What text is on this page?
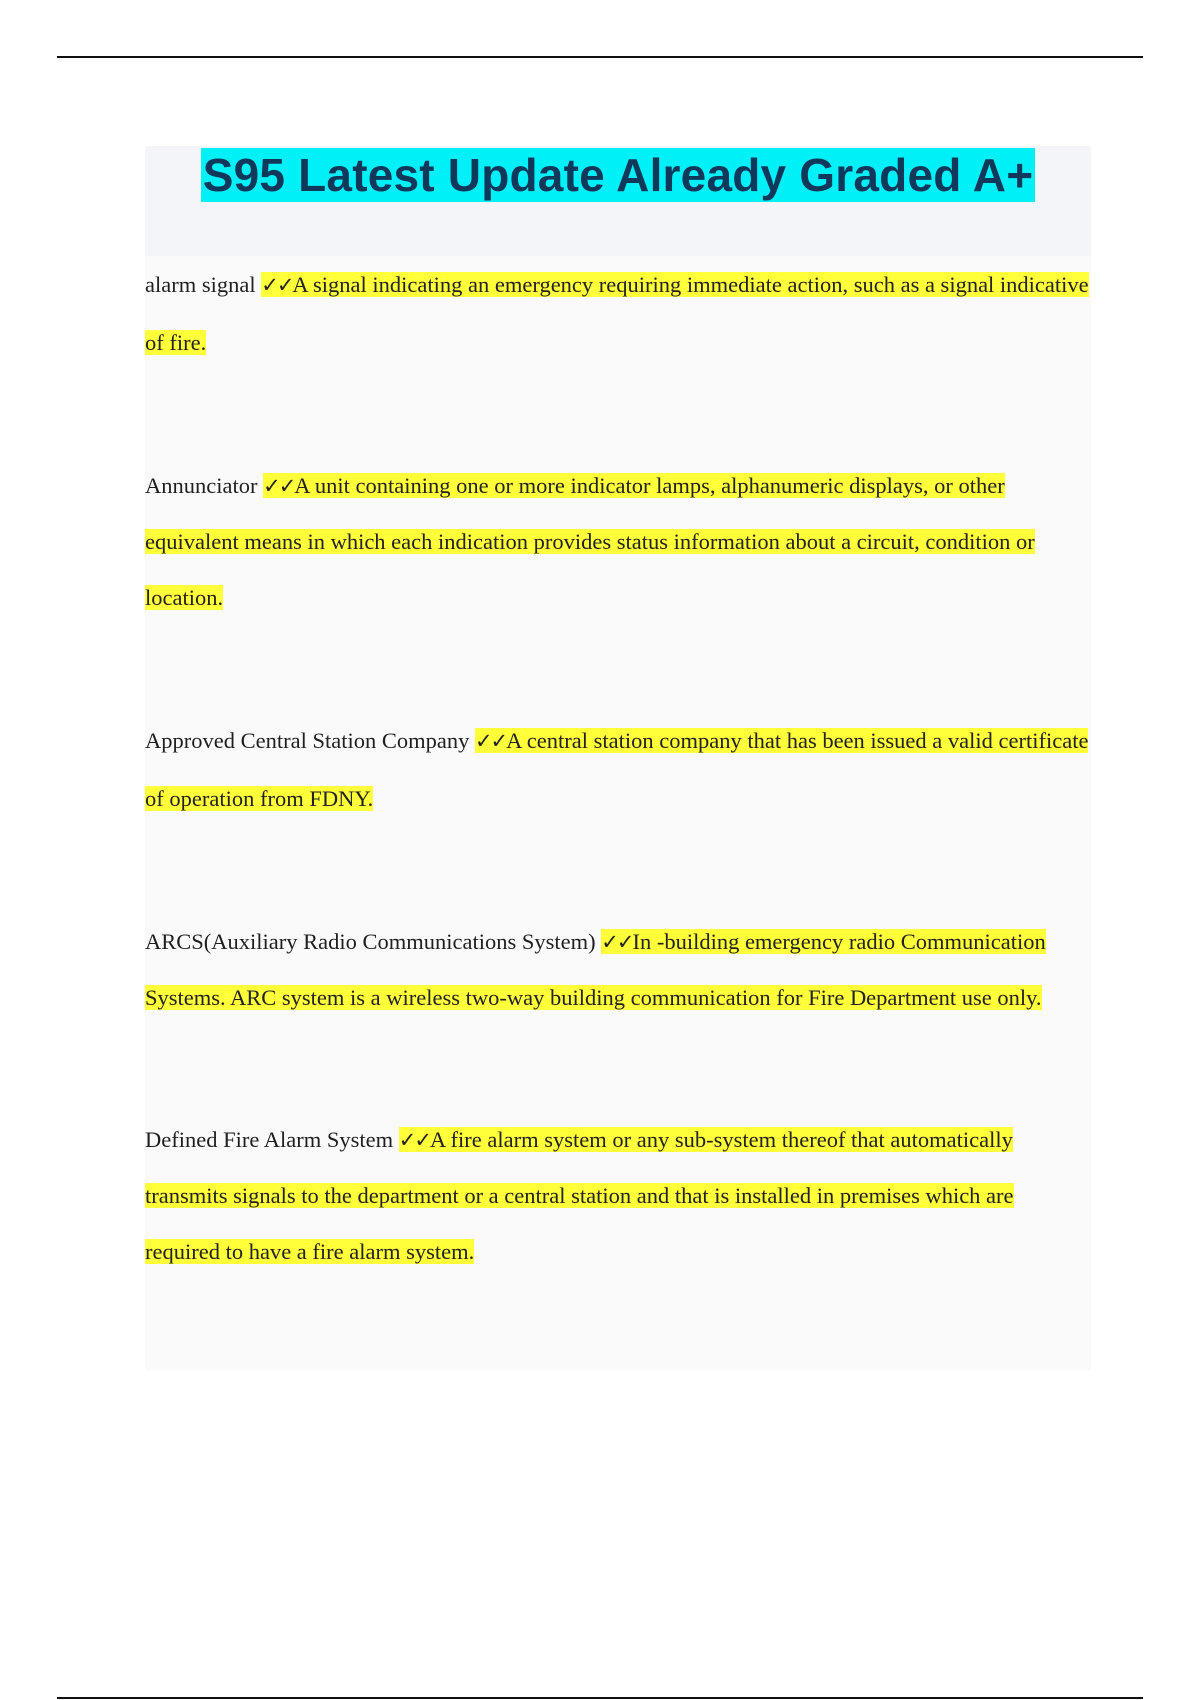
S95 Latest Update Already Graded A+

alarm signal ✓✓A signal indicating an emergency requiring immediate action, such as a signal indicative of fire.

Annunciator ✓✓A unit containing one or more indicator lamps, alphanumeric displays, or other equivalent means in which each indication provides status information about a circuit, condition or location.

Approved Central Station Company ✓✓A central station company that has been issued a valid certificate of operation from FDNY.

ARCS(Auxiliary Radio Communications System) ✓✓In -building emergency radio Communication Systems. ARC system is a wireless two-way building communication for Fire Department use only.

Defined Fire Alarm System ✓✓A fire alarm system or any sub-system thereof that automatically transmits signals to the department or a central station and that is installed in premises which are required to have a fire alarm system.
